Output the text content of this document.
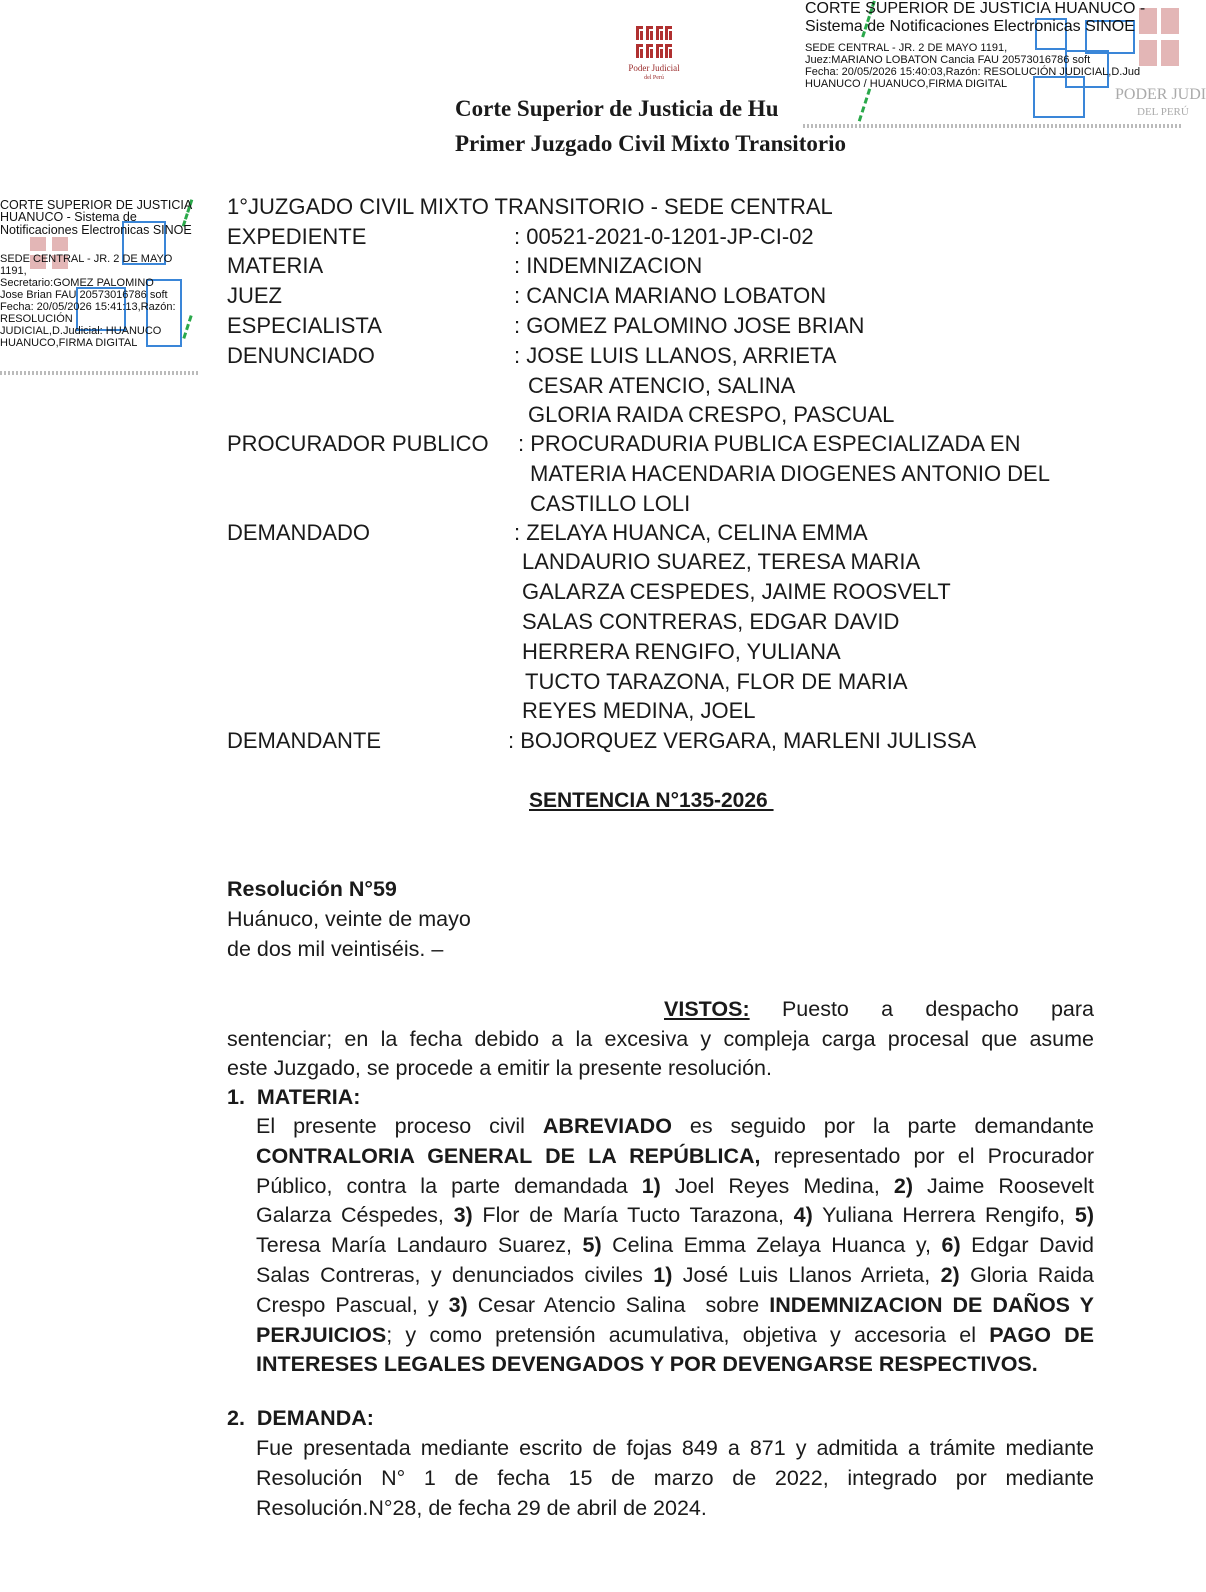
Poder Judicial
del Perú
Corte Superior de Justicia de Hu
Primer Juzgado Civil Mixto Transitorio
PODER JUDI
DEL PERÚ
CORTE SUPERIOR DE JUSTICIA HUANUCO -
Sistema de Notificaciones Electronicas SINOE
SEDE CENTRAL - JR. 2 DE MAYO 1191,
Juez:MARIANO LOBATON Cancia FAU 20573016786 soft
Fecha: 20/05/2026 15:40:03,Razón: RESOLUCIÓN JUDICIAL,D.Jud
HUANUCO / HUANUCO,FIRMA DIGITAL
CORTE SUPERIOR DE JUSTICIA
HUANUCO - Sistema de
Notificaciones Electronicas SINOE
SEDE CENTRAL - JR. 2 DE MAYO
1191,
Secretario:GOMEZ PALOMINO
Jose Brian FAU 20573016786 soft
Fecha: 20/05/2026 15:41:13,Razón:
RESOLUCIÓN
JUDICIAL,D.Judicial: HUANUCO
HUANUCO,FIRMA DIGITAL
1°JUZGADO CIVIL MIXTO TRANSITORIO - SEDE CENTRAL
EXPEDIENTE	: 00521-2021-0-1201-JP-CI-02
MATERIA	: INDEMNIZACION
JUEZ	: CANCIA MARIANO LOBATON
ESPECIALISTA	: GOMEZ PALOMINO JOSE BRIAN
DENUNCIADO	: JOSE LUIS LLANOS, ARRIETA
CESAR ATENCIO, SALINA
GLORIA RAIDA CRESPO, PASCUAL
PROCURADOR PUBLICO : PROCURADURIA PUBLICA ESPECIALIZADA EN
MATERIA HACENDARIA DIOGENES ANTONIO DEL
CASTILLO LOLI
DEMANDADO	: ZELAYA HUANCA, CELINA EMMA
LANDAURIO SUAREZ, TERESA MARIA
GALARZA CESPEDES, JAIME ROOSVELT
SALAS CONTRERAS, EDGAR DAVID
HERRERA RENGIFO, YULIANA
TUCTO TARAZONA, FLOR DE MARIA
REYES MEDINA, JOEL
DEMANDANTE	: BOJORQUEZ VERGARA, MARLENI JULISSA
SENTENCIA N°135-2026
Resolución N°59
Huánuco, veinte de mayo
de dos mil veintiséis. –
VISTOS: Puesto a despacho para
sentenciar; en la fecha debido a la excesiva y compleja carga procesal que asume
este Juzgado, se procede a emitir la presente resolución.
1.  MATERIA:
El presente proceso civil ABREVIADO es seguido por la parte demandante
CONTRALORIA GENERAL DE LA REPÚBLICA, representado por el Procurador
Público, contra la parte demandada 1) Joel Reyes Medina, 2) Jaime Roosevelt
Galarza Céspedes, 3) Flor de María Tucto Tarazona, 4) Yuliana Herrera Rengifo, 5)
Teresa María Landauro Suarez, 5) Celina Emma Zelaya Huanca y, 6) Edgar David
Salas Contreras, y denunciados civiles 1) José Luis Llanos Arrieta, 2) Gloria Raida
Crespo Pascual, y 3) Cesar Atencio Salina  sobre INDEMNIZACION DE DAÑOS Y
PERJUICIOS; y como pretensión acumulativa, objetiva y accesoria el PAGO DE
INTERESES LEGALES DEVENGADOS Y POR DEVENGARSE RESPECTIVOS.
2.  DEMANDA:
Fue presentada mediante escrito de fojas 849 a 871 y admitida a trámite mediante
Resolución N° 1 de fecha 15 de marzo de 2022, integrado por mediante
Resolución.N°28, de fecha 29 de abril de 2024.
